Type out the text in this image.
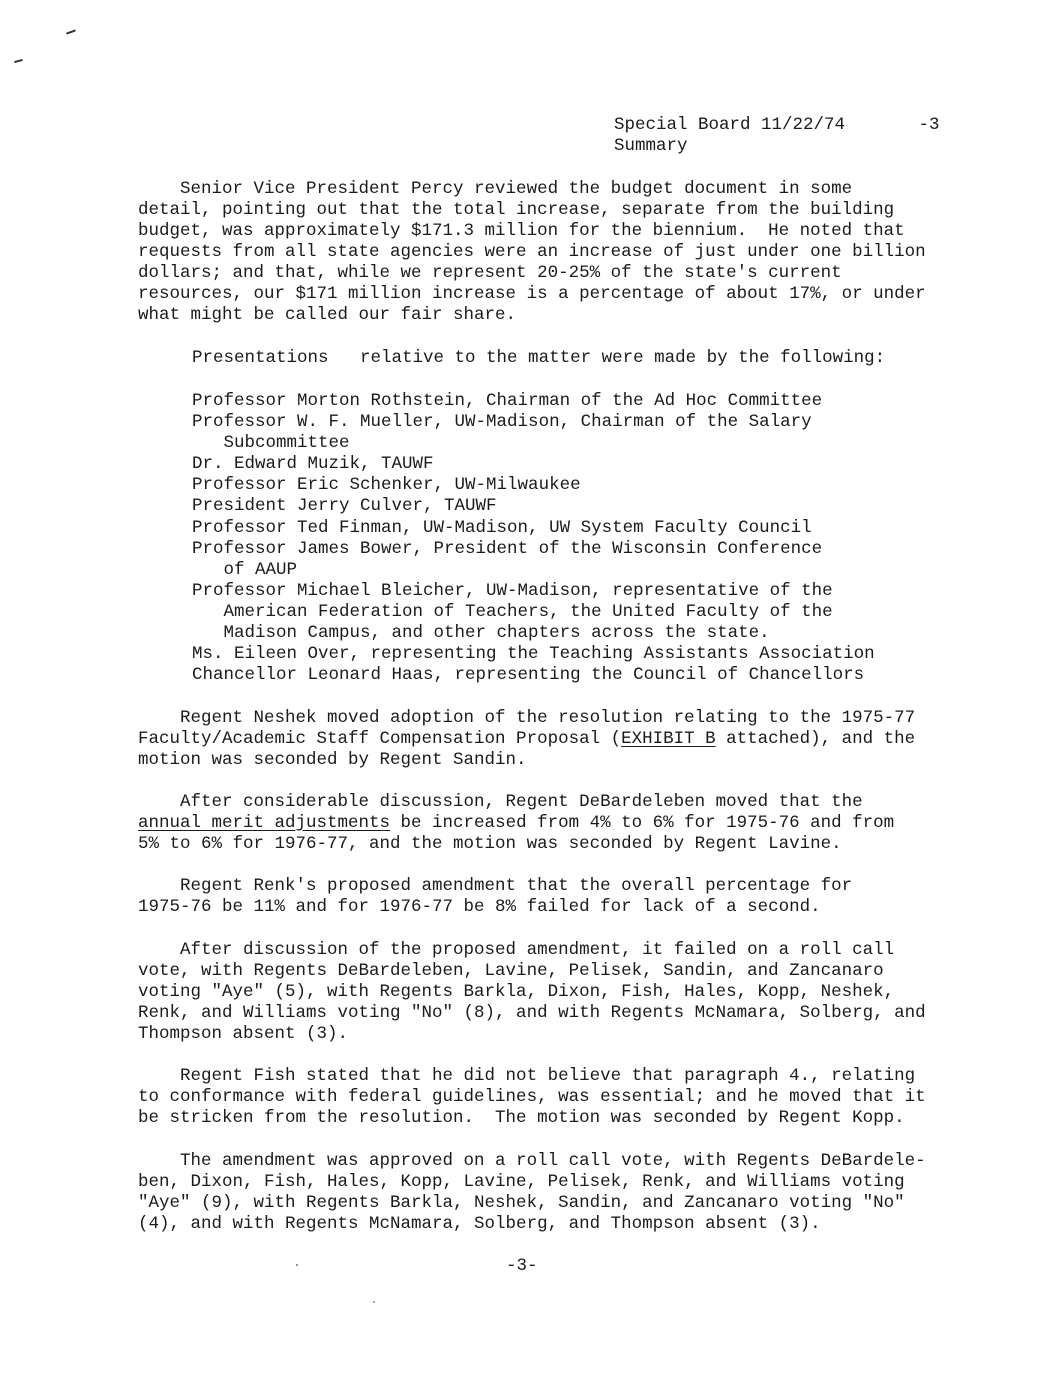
Special Board 11/22/74       -3
Summary
Senior Vice President Percy reviewed the budget document in some
detail, pointing out that the total increase, separate from the building
budget, was approximately $171.3 million for the biennium.  He noted that
requests from all state agencies were an increase of just under one billion
dollars; and that, while we represent 20-25% of the state's current
resources, our $171 million increase is a percentage of about 17%, or under
what might be called our fair share.
Presentations   relative to the matter were made by the following:
Professor Morton Rothstein, Chairman of the Ad Hoc Committee
Professor W. F. Mueller, UW-Madison, Chairman of the Salary
Subcommittee
Dr. Edward Muzik, TAUWF
Professor Eric Schenker, UW-Milwaukee
President Jerry Culver, TAUWF
Professor Ted Finman, UW-Madison, UW System Faculty Council
Professor James Bower, President of the Wisconsin Conference
of AAUP
Professor Michael Bleicher, UW-Madison, representative of the
American Federation of Teachers, the United Faculty of the
Madison Campus, and other chapters across the state.
Ms. Eileen Over, representing the Teaching Assistants Association
Chancellor Leonard Haas, representing the Council of Chancellors
Regent Neshek moved adoption of the resolution relating to the 1975-77
Faculty/Academic Staff Compensation Proposal (EXHIBIT B attached), and the
motion was seconded by Regent Sandin.
After considerable discussion, Regent DeBardeleben moved that the
annual merit adjustments be increased from 4% to 6% for 1975-76 and from
5% to 6% for 1976-77, and the motion was seconded by Regent Lavine.
Regent Renk's proposed amendment that the overall percentage for
1975-76 be 11% and for 1976-77 be 8% failed for lack of a second.
After discussion of the proposed amendment, it failed on a roll call
vote, with Regents DeBardeleben, Lavine, Pelisek, Sandin, and Zancanaro
voting "Aye" (5), with Regents Barkla, Dixon, Fish, Hales, Kopp, Neshek,
Renk, and Williams voting "No" (8), and with Regents McNamara, Solberg, and
Thompson absent (3).
Regent Fish stated that he did not believe that paragraph 4., relating
to conformance with federal guidelines, was essential; and he moved that it
be stricken from the resolution.  The motion was seconded by Regent Kopp.
The amendment was approved on a roll call vote, with Regents DeBardele-
ben, Dixon, Fish, Hales, Kopp, Lavine, Pelisek, Renk, and Williams voting
"Aye" (9), with Regents Barkla, Neshek, Sandin, and Zancanaro voting "No"
(4), and with Regents McNamara, Solberg, and Thompson absent (3).
-3-
